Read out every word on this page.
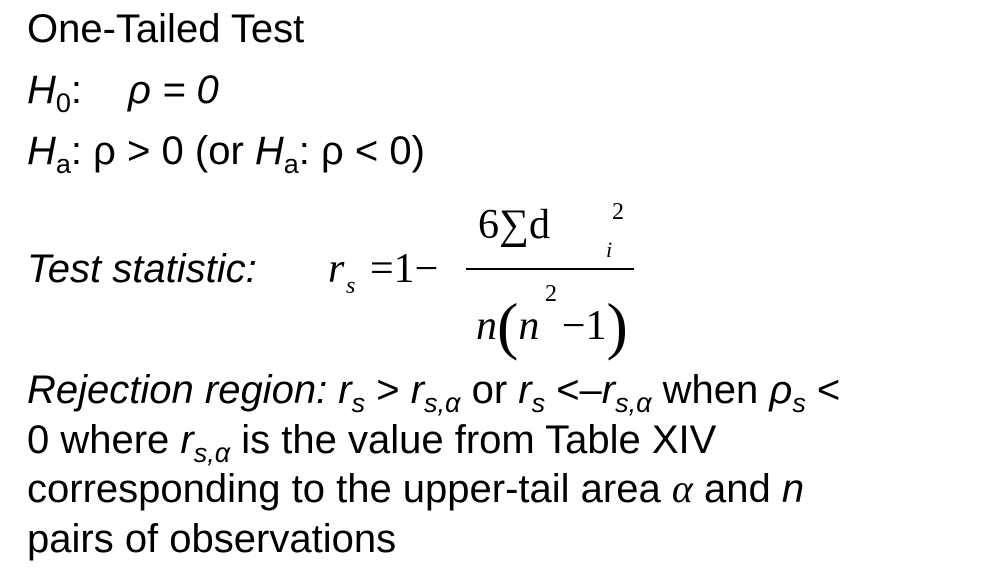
One-Tailed Test
$H_0$: ρ = 0
$H_a$: ρ > 0 (or $H_a$: ρ < 0)
Test statistic: r s =1−
6∑d	2
i
n(n −1)
2
Rejection region: $r_s > r_{s,\alpha}$ or $r_s <-r_{s,\alpha}$ when $\rho_s$ <
0 where $r_{s,\alpha}$ is the value from Table XIV
corresponding to the upper-tail area α and n
pairs of observations
